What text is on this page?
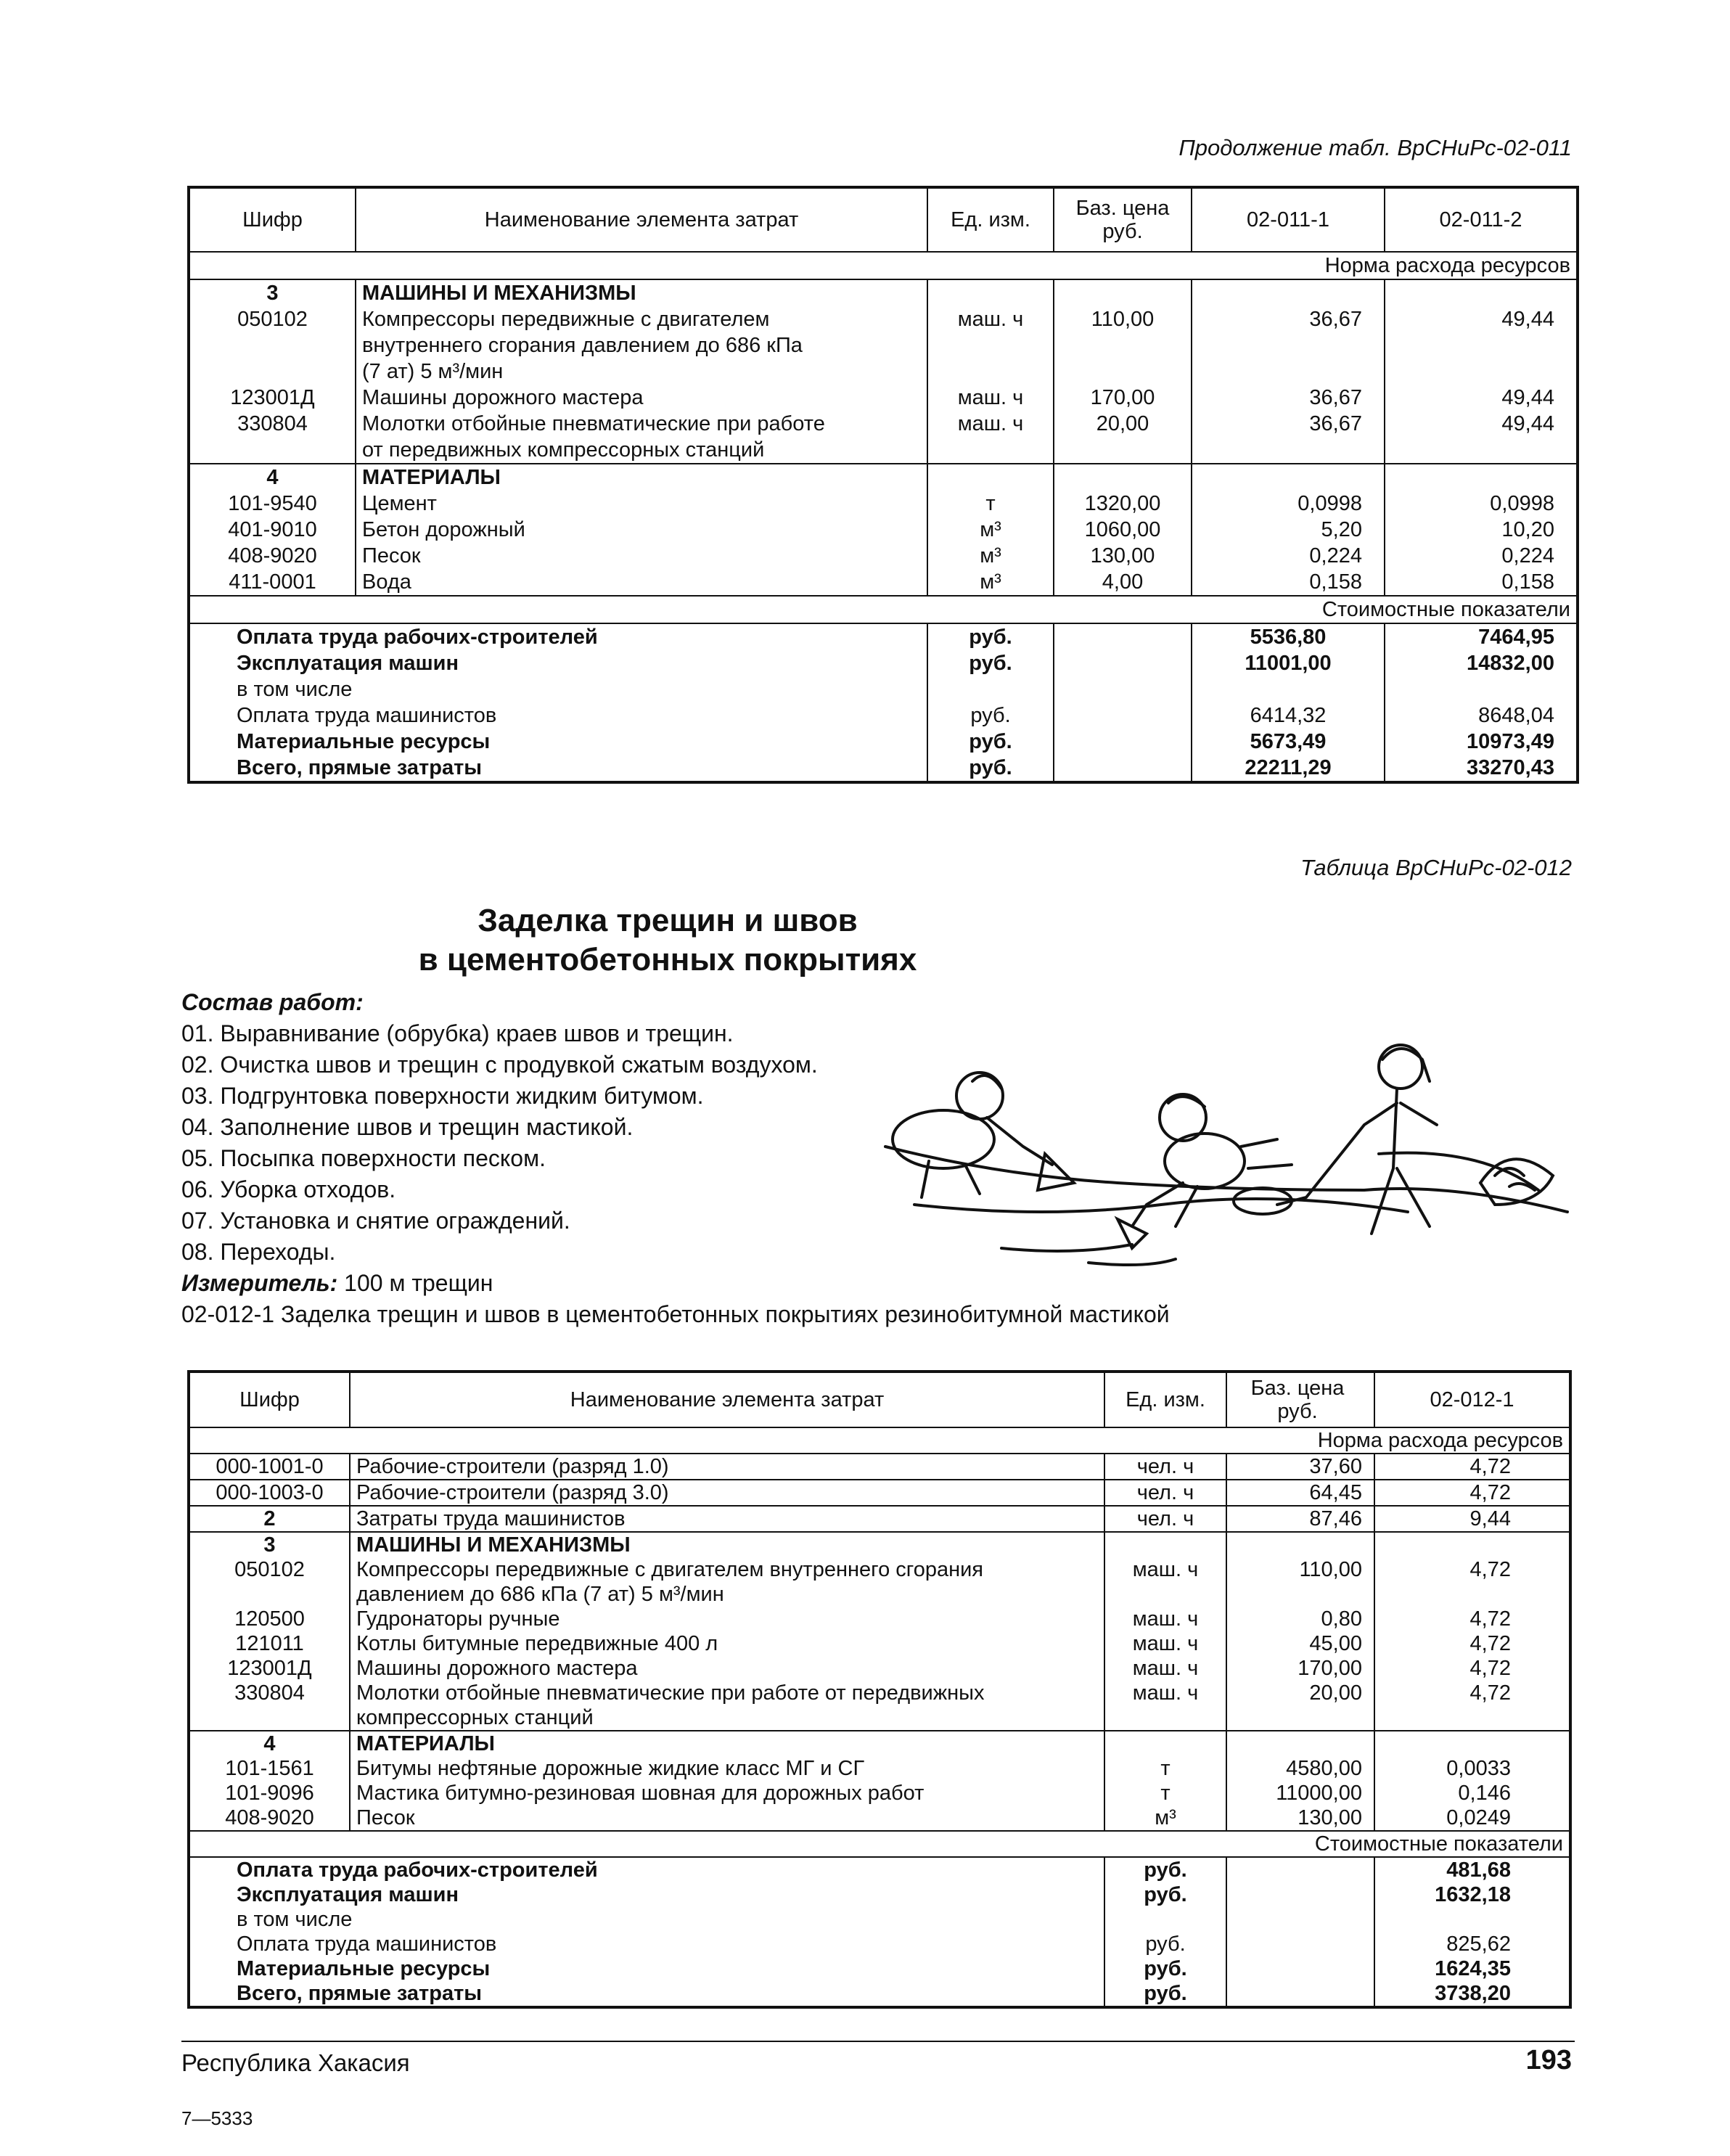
Продолжение табл. ВрСНиРс-02-011
Шифр	Наименование элемента затрат	Ед. изм.	Баз. цена руб.	02-011-1	02-011-2
				Норма расхода ресурсов	
3	МАШИНЫ И МЕХАНИЗМЫ				
050102	Компрессоры передвижные с двигателем
внутреннего сгорания давлением до 686 кПа
(7 ат) 5 м³/мин	маш. ч	110,00	36,67	49,44
123001Д	Машины дорожного мастера	маш. ч	170,00	36,67	49,44
330804	Молотки отбойные пневматические при работе
от передвижных компрессорных станций	маш. ч	20,00	36,67	49,44
4	МАТЕРИАЛЫ				
101-9540	Цемент	т	1320,00	0,0998	0,0998
401-9010	Бетон дорожный	м³	1060,00	5,20	10,20
408-9020	Песок	м³	130,00	0,224	0,224
411-0001	Вода	м³	4,00	0,158	0,158
				Стоимостные показатели	
Оплата труда рабочих-строителей		руб.		5536,80	7464,95
Эксплуатация машин		руб.		11001,00	14832,00
в том числе					
Оплата труда машинистов		руб.		6414,32	8648,04
Материальные ресурсы		руб.		5673,49	10973,49
Всего, прямые затраты		руб.		22211,29	33270,43
Таблица ВрСНиРс-02-012
Заделка трещин и швов
в цементобетонных покрытиях
Состав работ:
01. Выравнивание (обрубка) краев швов и трещин.
02. Очистка швов и трещин с продувкой сжатым воздухом.
03. Подгрунтовка поверхности жидким битумом.
04. Заполнение швов и трещин мастикой.
05. Посыпка поверхности песком.
06. Уборка отходов.
07. Установка и снятие ограждений.
08. Переходы.
Измеритель: 100 м трещин
02-012-1 Заделка трещин и швов в цементобетонных покрытиях резинобитумной мастикой
Шифр	Наименование элемента затрат	Ед. изм.	Баз. цена руб.	02-012-1
			Норма расхода ресурсов	
000-1001-0	Рабочие-строители (разряд 1.0)	чел. ч	37,60	4,72
000-1003-0	Рабочие-строители (разряд 3.0)	чел. ч	64,45	4,72
2	Затраты труда машинистов	чел. ч	87,46	9,44
3	МАШИНЫ И МЕХАНИЗМЫ			
050102	Компрессоры передвижные с двигателем внутреннего сгорания
давлением до 686 кПа (7 ат) 5 м³/мин	маш. ч	110,00	4,72
120500	Гудронаторы ручные	маш. ч	0,80	4,72
121011	Котлы битумные передвижные 400 л	маш. ч	45,00	4,72
123001Д	Машины дорожного мастера	маш. ч	170,00	4,72
330804	Молотки отбойные пневматические при работе от передвижных
компрессорных станций	маш. ч	20,00	4,72
4	МАТЕРИАЛЫ			
101-1561	Битумы нефтяные дорожные жидкие класс МГ и СГ	т	4580,00	0,0033
101-9096	Мастика битумно-резиновая шовная для дорожных работ	т	11000,00	0,146
408-9020	Песок	м³	130,00	0,0249
			Стоимостные показатели	
Оплата труда рабочих-строителей		руб.		481,68
Эксплуатация машин		руб.		1632,18
в том числе				
Оплата труда машинистов		руб.		825,62
Материальные ресурсы		руб.		1624,35
Всего, прямые затраты		руб.		3738,20
Республика Хакасия	193
7—5333
